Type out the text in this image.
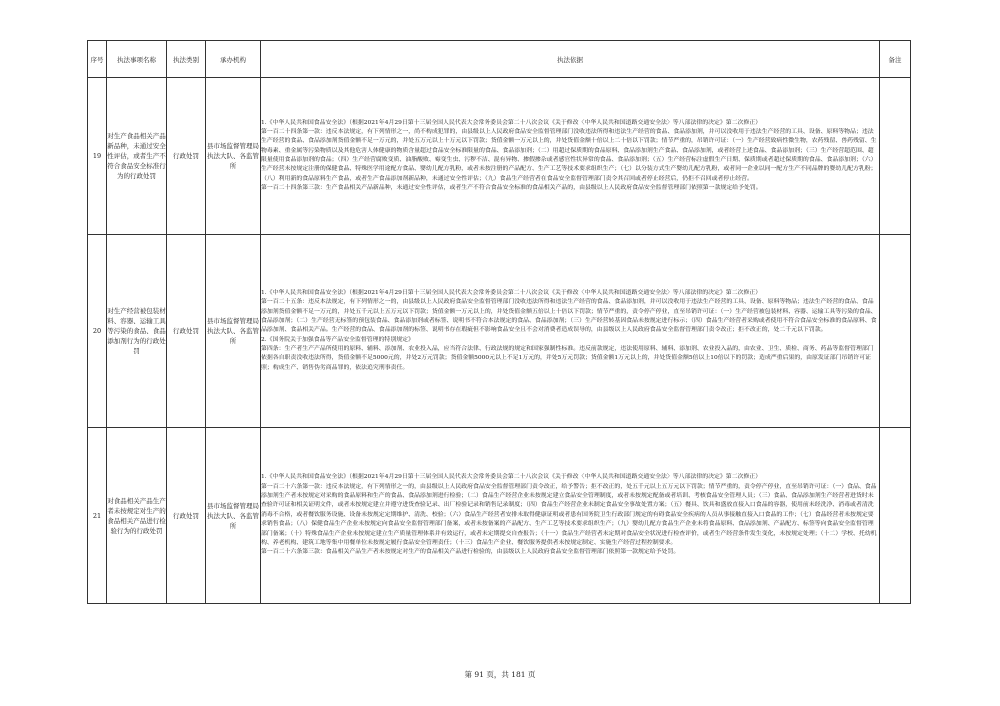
序号	执法事项名称	执法类别	承办机构	执法依据	备注
19	对生产食品相关产品新品种，未通过安全性评估，或者生产不符合食品安全标准行为的行政处罚	行政处罚	县市场监督管理局执法大队、各监管所	1.《中华人民共和国食品安全法》（根据2021年4月29日第十三届全国人民代表大会常务委员会第二十八次会议《关于修改〈中华人民共和国道路交通安全法〉等八部法律的决定》第二次修正）

第一百二十四条第一款：违反本法规定，有下列情形之一，尚不构成犯罪的，由县级以上人民政府食品安全监督管理部门没收违法所得和违法生产经营的食品、食品添加剂，并可以没收用于违法生产经营的工具、设备、原料等物品；违法生产经营的食品、食品添加剂货值金额不足一万元的，并处五万元以上十万元以下罚款；货值金额一万元以上的，并处货值金额十倍以上二十倍以下罚款；情节严重的，吊销许可证：（一）生产经营致病性微生物，农药残留、兽药残留、生物毒素、重金属等污染物质以及其他危害人体健康的物质含量超过食品安全标准限量的食品、食品添加剂；（二）用超过保质期的食品原料、食品添加剂生产食品、食品添加剂，或者经营上述食品、食品添加剂；（三）生产经营超范围、超限量使用食品添加剂的食品；（四）生产经营腐败变质、油脂酸败、霉变生虫、污秽不洁、混有异物、掺假掺杂或者感官性状异常的食品、食品添加剂；（五）生产经营标注虚假生产日期、保质期或者超过保质期的食品、食品添加剂；（六）生产经营未按规定注册的保健食品、特殊医学用途配方食品、婴幼儿配方乳粉，或者未按注册的产品配方、生产工艺等技术要求组织生产；（七）以分装方式生产婴幼儿配方乳粉，或者同一企业以同一配方生产不同品牌的婴幼儿配方乳粉；（八）利用新的食品原料生产食品，或者生产食品添加剂新品种，未通过安全性评估；（九）食品生产经营者在食品安全监督管理部门责令其召回或者停止经营后，仍拒不召回或者停止经营。

第一百二十四条第三款：生产食品相关产品新品种，未通过安全性评估，或者生产不符合食品安全标准的食品相关产品的，由县级以上人民政府食品安全监督管理部门依照第一款规定给予处罚。	

20	对生产经营被包装材料、容器、运输工具等污染的食品、食品添加剂行为的行政处罚	行政处罚	县市场监督管理局执法大队、各监管所	1.《中华人民共和国食品安全法》（根据2021年4月29日第十三届全国人民代表大会常务委员会第二十八次会议《关于修改〈中华人民共和国道路交通安全法〉等八部法律的决定》第二次修正）

第一百二十五条：违反本法规定，有下列情形之一的，由县级以上人民政府食品安全监督管理部门没收违法所得和违法生产经营的食品、食品添加剂，并可以没收用于违法生产经营的工具、设备、原料等物品；违法生产经营的食品、食品添加剂货值金额不足一万元的，并处五千元以上五万元以下罚款；货值金额一万元以上的，并处货值金额五倍以上十倍以下罚款；情节严重的，责令停产停业，直至吊销许可证：（一）生产经营被包装材料、容器、运输工具等污染的食品、食品添加剂；（二）生产经营无标签的预包装食品、食品添加剂或者标签、说明书不符合本法规定的食品、食品添加剂；（三）生产经营转基因食品未按规定进行标示；（四）食品生产经营者采购或者使用不符合食品安全标准的食品原料、食品添加剂、食品相关产品。生产经营的食品、食品添加剂的标签、说明书存在瑕疵但不影响食品安全且不会对消费者造成误导的，由县级以上人民政府食品安全监督管理部门责令改正；拒不改正的，处二千元以下罚款。

2.《国务院关于加强食品等产品安全监督管理的特别规定》

第四条：生产者生产产品所使用的原料、辅料、添加剂、农业投入品，应当符合法律、行政法规的规定和国家强制性标准。违反前款规定，违法使用原料、辅料、添加剂、农业投入品的，由农业、卫生、质检、商务、药品等监督管理部门依据各自职责没收违法所得，货值金额不足5000元的，并处2万元罚款；货值金额5000元以上不足1万元的，并处5万元罚款；货值金额1万元以上的，并处货值金额5倍以上10倍以下的罚款；造成严重后果的，由原发证部门吊销许可证照；构成生产、销售伪劣商品罪的，依法追究刑事责任。	

21	对食品相关产品生产者未按规定对生产的食品相关产品进行检验行为的行政处罚	行政处罚	县市场监督管理局执法大队、各监管所	1.《中华人民共和国食品安全法》（根据2021年4月29日第十三届全国人民代表大会常务委员会第二十八次会议《关于修改〈中华人民共和国道路交通安全法〉等八部法律的决定》第二次修正）

第一百二十六条第一款：违反本法规定，有下列情形之一的，由县级以上人民政府食品安全监督管理部门责令改正，给予警告；拒不改正的，处五千元以上五万元以下罚款；情节严重的，责令停产停业，直至吊销许可证：（一）食品、食品添加剂生产者未按规定对采购的食品原料和生产的食品、食品添加剂进行检验；（二）食品生产经营企业未按规定建立食品安全管理制度，或者未按规定配备或者培训、考核食品安全管理人员；（三）食品、食品添加剂生产经营者进货时未查验许可证和相关证明文件，或者未按规定建立并遵守进货查验记录、出厂检验记录和销售记录制度；（四）食品生产经营企业未制定食品安全事故处置方案；（五）餐具、饮具和盛放直接入口食品的容器，使用前未经洗净、消毒或者清洗消毒不合格，或者餐饮服务设施、设备未按规定定期维护、清洗、校验；（六）食品生产经营者安排未取得健康证明或者患有国务院卫生行政部门规定的有碍食品安全疾病的人员从事接触直接入口食品的工作；（七）食品经营者未按规定要求销售食品；（八）保健食品生产企业未按规定向食品安全监督管理部门备案，或者未按备案的产品配方、生产工艺等技术要求组织生产；（九）婴幼儿配方食品生产企业未将食品原料、食品添加剂、产品配方、标签等向食品安全监督管理部门备案；（十）特殊食品生产企业未按规定建立生产质量管理体系并有效运行，或者未定期提交自查报告；（十一）食品生产经营者未定期对食品安全状况进行检查评价，或者生产经营条件发生变化，未按规定处理；（十二）学校、托幼机构、养老机构、建筑工地等集中用餐单位未按规定履行食品安全管理责任；（十三）食品生产企业、餐饮服务提供者未按规定制定、实施生产经营过程控制要求。

第一百二十六条第三款：食品相关产品生产者未按规定对生产的食品相关产品进行检验的，由县级以上人民政府食品安全监督管理部门依照第一款规定给予处罚。	

第 91 页，共 181 页
